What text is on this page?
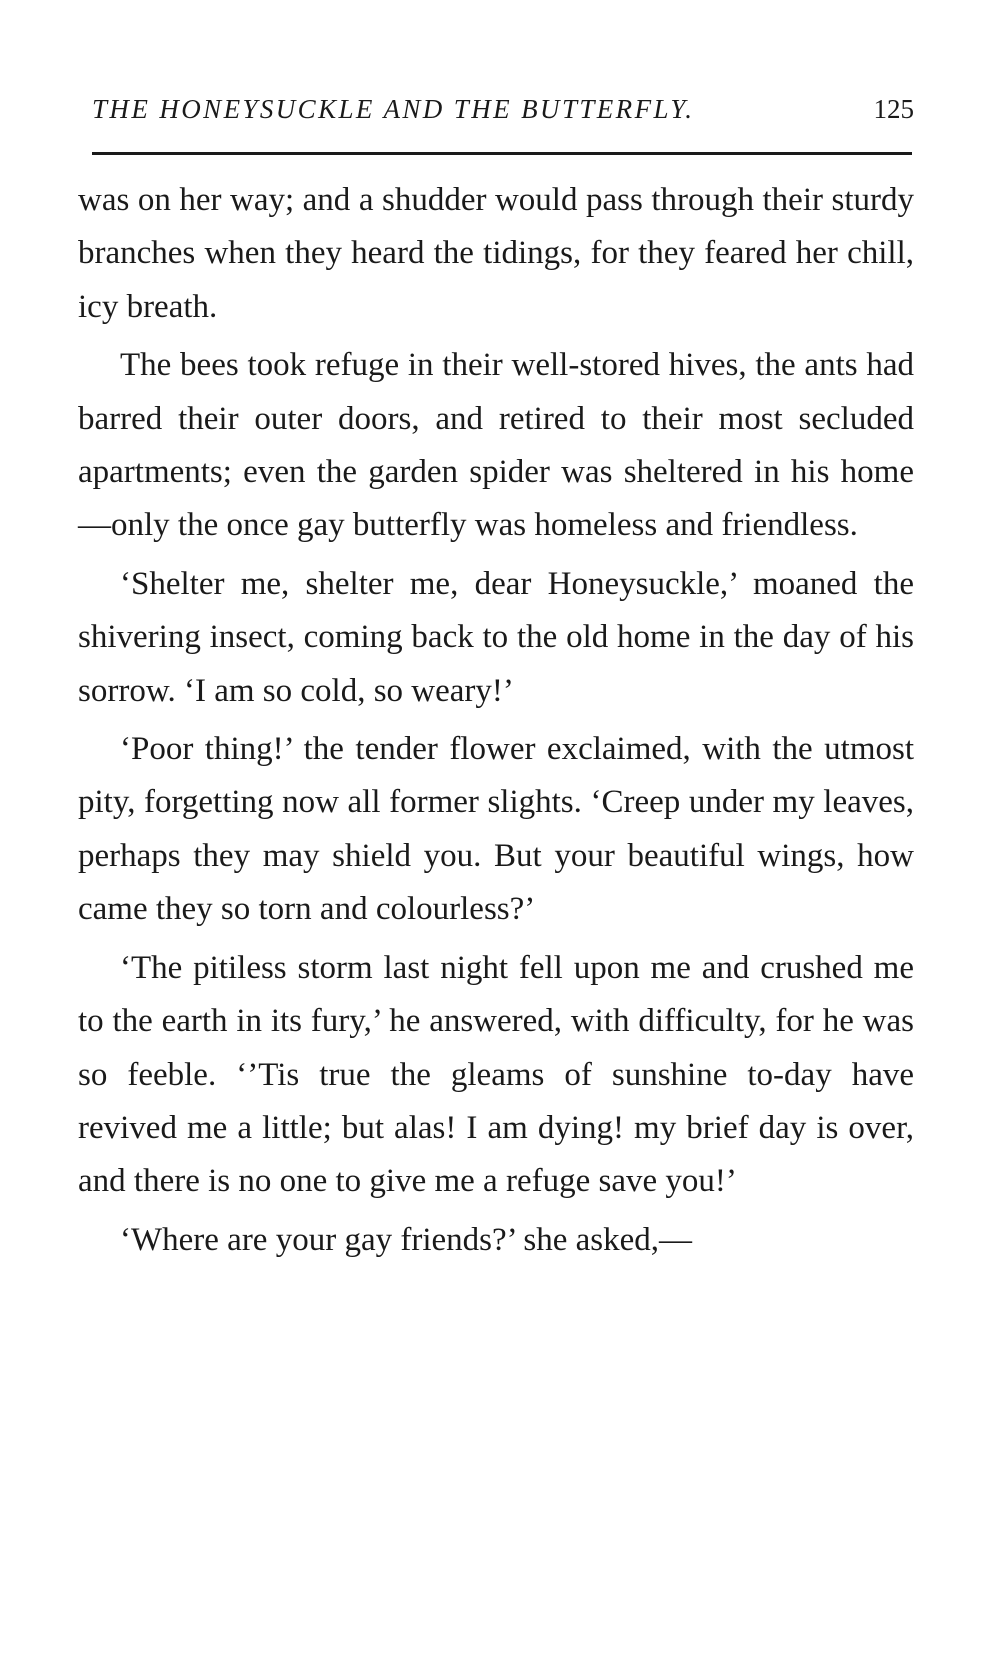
THE HONEYSUCKLE AND THE BUTTERFLY.	125

was on her way; and a shudder would pass through their sturdy branches when they heard the tidings, for they feared her chill, icy breath.

The bees took refuge in their well-stored hives, the ants had barred their outer doors, and retired to their most secluded apartments; even the garden spider was sheltered in his home—only the once gay butterfly was homeless and friendless.

‘Shelter me, shelter me, dear Honeysuckle,’ moaned the shivering insect, coming back to the old home in the day of his sorrow. ‘I am so cold, so weary!’

‘Poor thing!’ the tender flower exclaimed, with the utmost pity, forgetting now all former slights. ‘Creep under my leaves, perhaps they may shield you. But your beautiful wings, how came they so torn and colourless?’

‘The pitiless storm last night fell upon me and crushed me to the earth in its fury,’ he answered, with difficulty, for he was so feeble. ‘’Tis true the gleams of sunshine to-day have revived me a little; but alas! I am dying! my brief day is over, and there is no one to give me a refuge save you!’

‘Where are your gay friends?’ she asked,—
